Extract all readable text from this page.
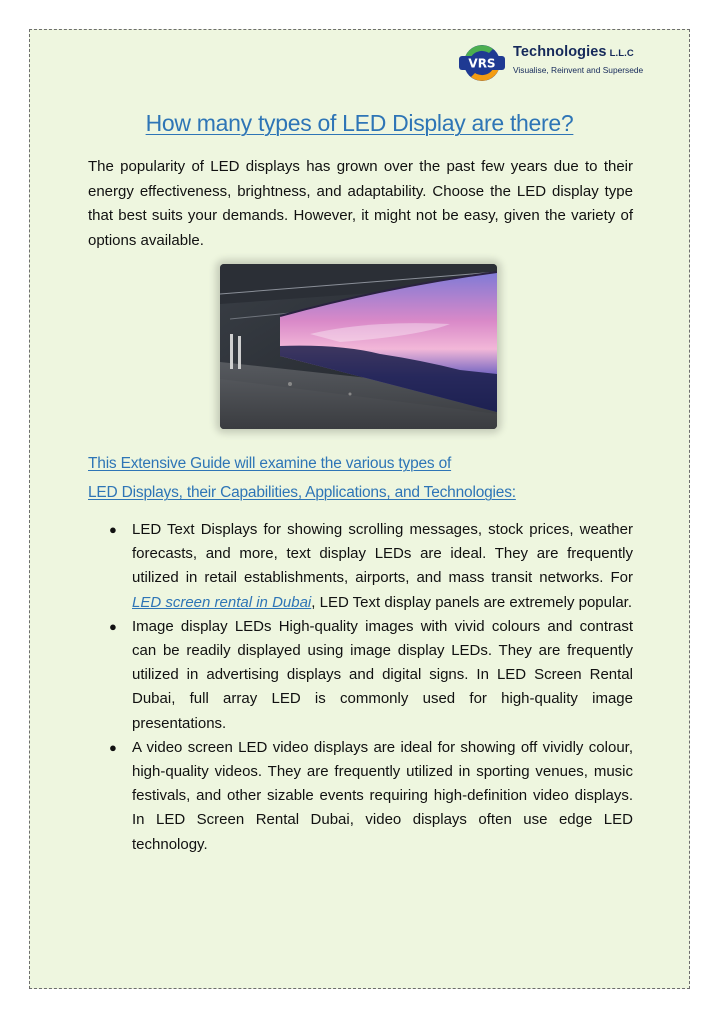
VRS
Technologies L.L.C
Visualise, Reinvent and Supersede
How many types of LED Display are there?

The popularity of LED displays has grown over the past few years due to their energy effectiveness, brightness, and adaptability. Choose the LED display type that best suits your demands. However, it might not be easy, given the variety of options available.

This Extensive Guide will examine the various types of
LED Displays, their Capabilities, Applications, and Technologies:
● LED Text Displays for showing scrolling messages, stock prices, weather forecasts, and more, text display LEDs are ideal. They are frequently utilized in retail establishments, airports, and mass transit networks. For LED screen rental in Dubai, LED Text display panels are extremely popular.
● Image display LEDs High-quality images with vivid colours and contrast can be readily displayed using image display LEDs. They are frequently utilized in advertising displays and digital signs. In LED Screen Rental Dubai, full array LED is commonly used for high-quality image presentations.
● A video screen LED video displays are ideal for showing off vividly colour, high-quality videos. They are frequently utilized in sporting venues, music festivals, and other sizable events requiring high-definition video displays. In LED Screen Rental Dubai, video displays often use edge LED technology.
